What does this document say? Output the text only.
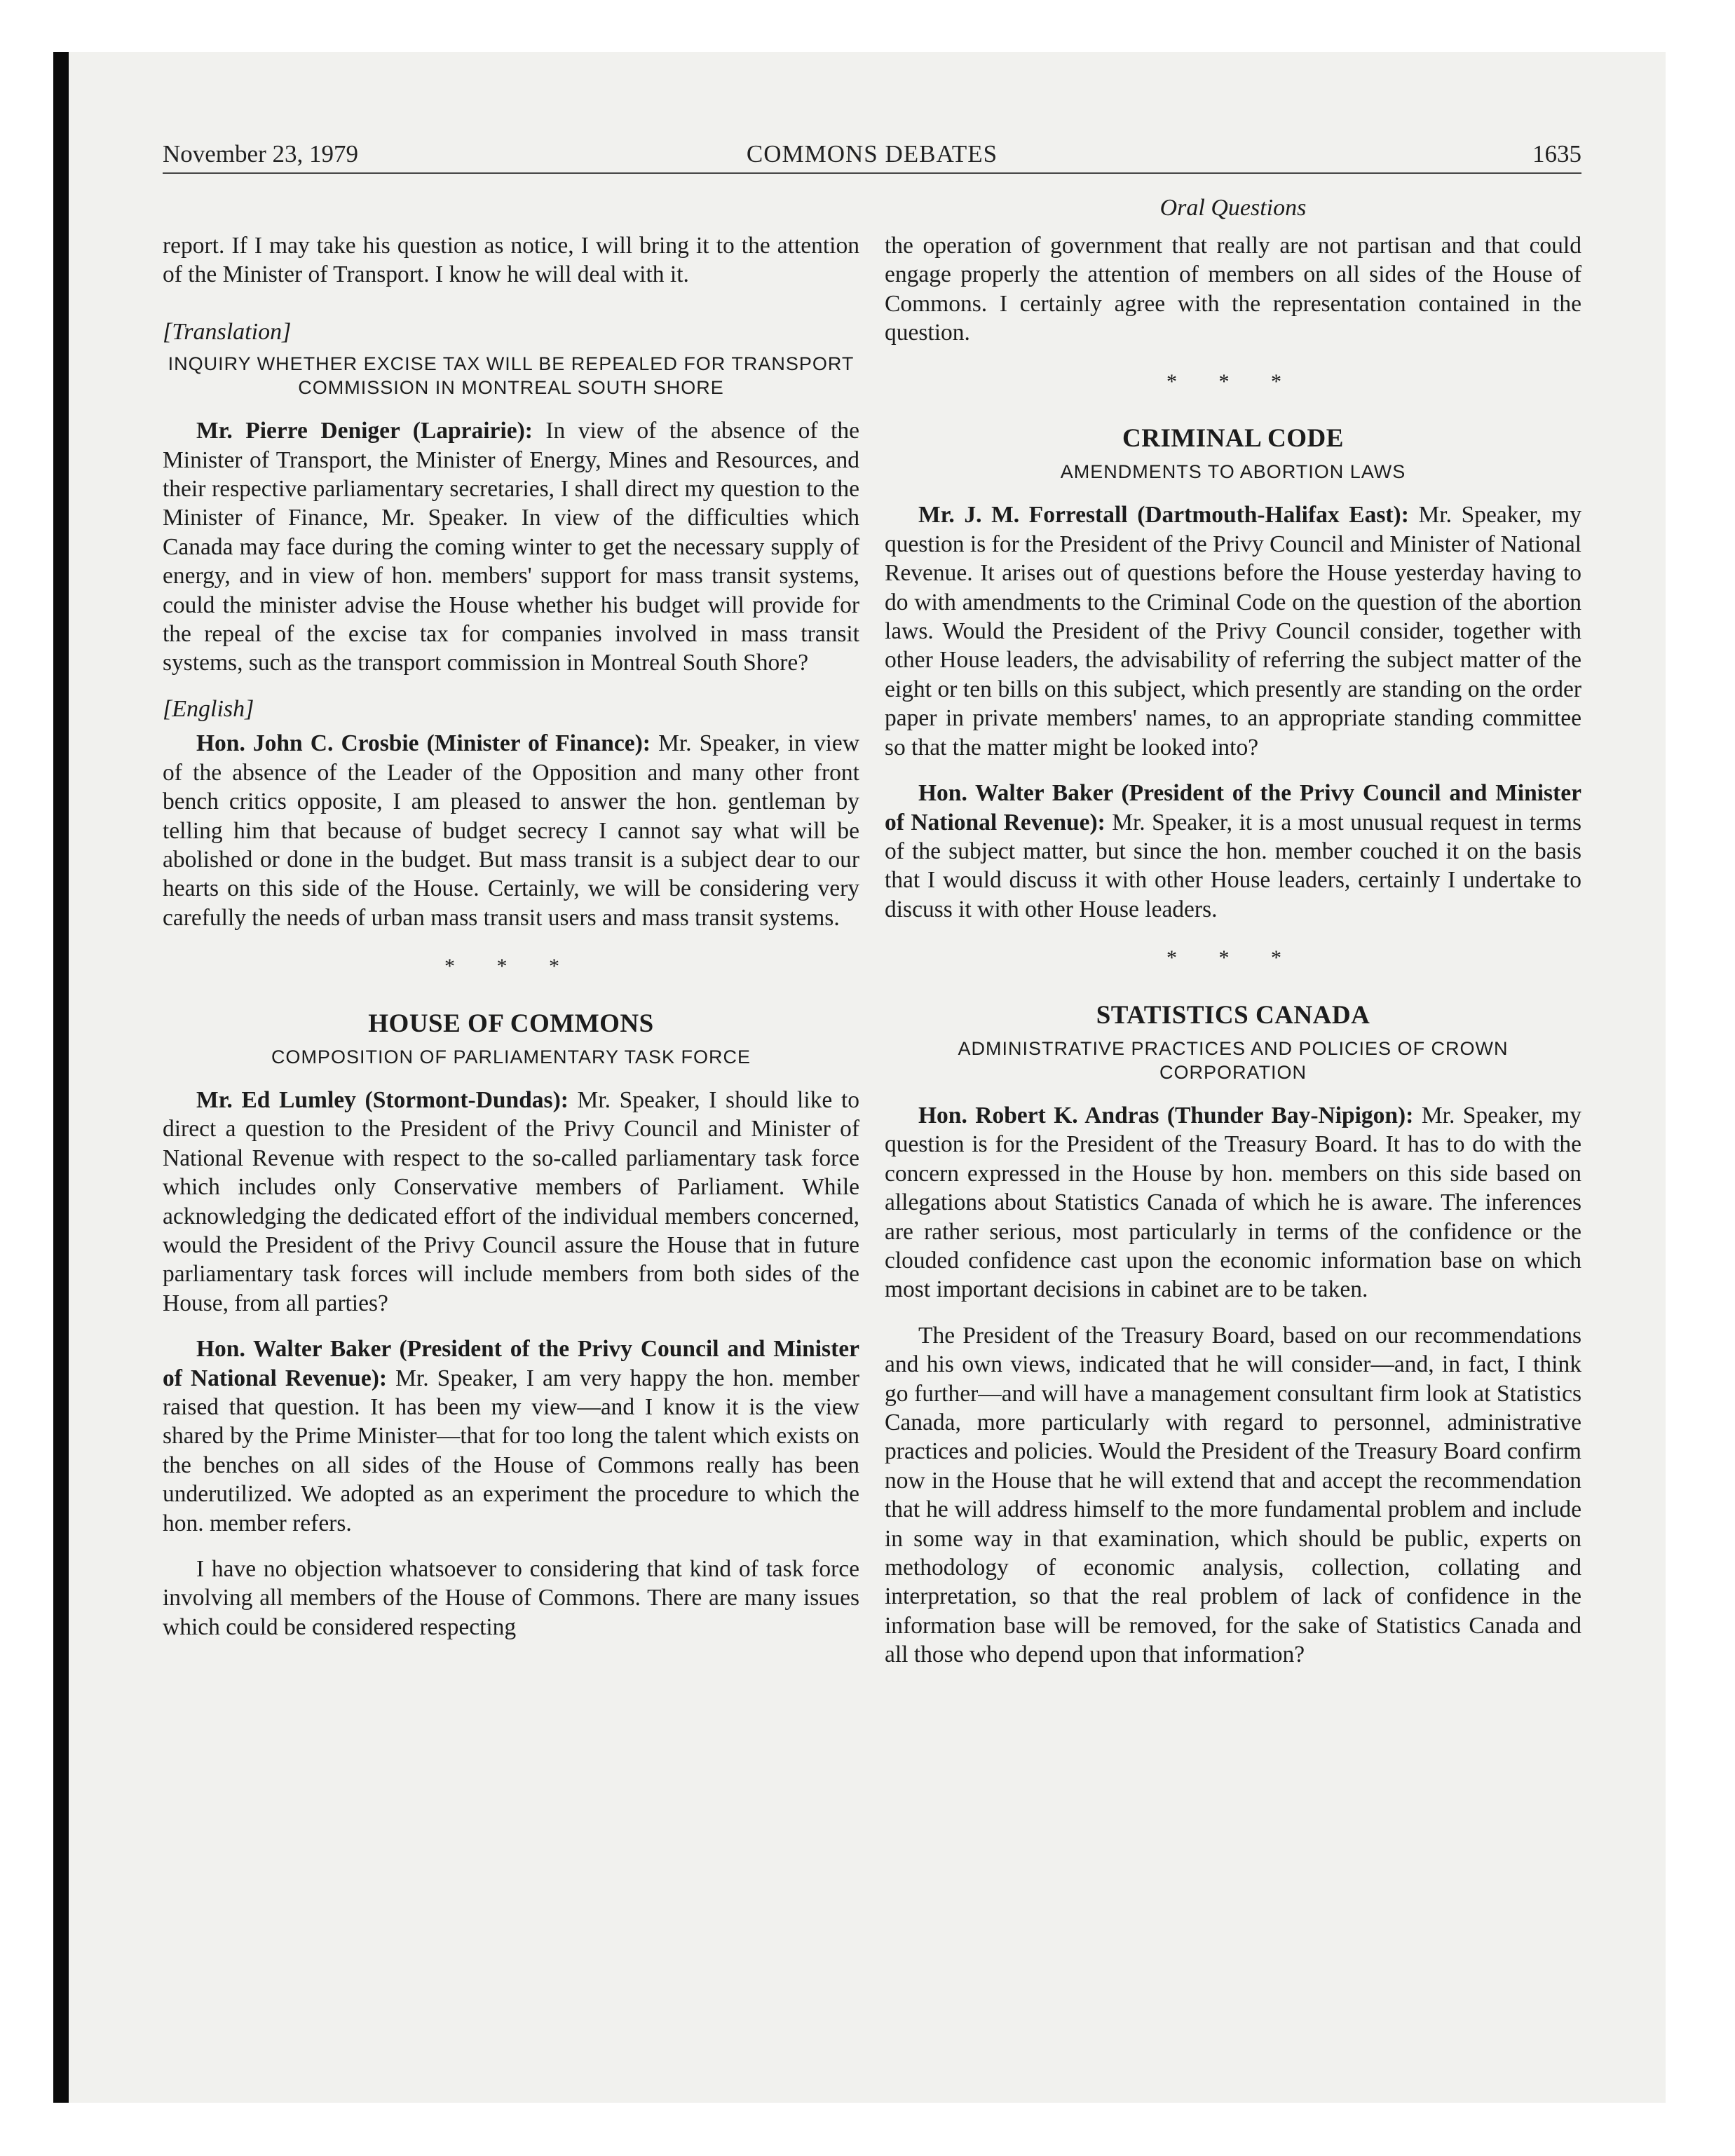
November 23, 1979	COMMONS DEBATES	1635
Oral Questions

report. If I may take his question as notice, I will bring it to the attention of the Minister of Transport. I know he will deal with it.

[Translation]
INQUIRY WHETHER EXCISE TAX WILL BE REPEALED FOR TRANSPORT COMMISSION IN MONTREAL SOUTH SHORE

Mr. Pierre Deniger (Laprairie): In view of the absence of the Minister of Transport, the Minister of Energy, Mines and Resources, and their respective parliamentary secretaries, I shall direct my question to the Minister of Finance, Mr. Speaker. In view of the difficulties which Canada may face during the coming winter to get the necessary supply of energy, and in view of hon. members' support for mass transit systems, could the minister advise the House whether his budget will provide for the repeal of the excise tax for companies involved in mass transit systems, such as the transport commission in Montreal South Shore?

[English]

Hon. John C. Crosbie (Minister of Finance): Mr. Speaker, in view of the absence of the Leader of the Opposition and many other front bench critics opposite, I am pleased to answer the hon. gentleman by telling him that because of budget secrecy I cannot say what will be abolished or done in the budget. But mass transit is a subject dear to our hearts on this side of the House. Certainly, we will be considering very carefully the needs of urban mass transit users and mass transit systems.

* * *
HOUSE OF COMMONS
COMPOSITION OF PARLIAMENTARY TASK FORCE

Mr. Ed Lumley (Stormont-Dundas): Mr. Speaker, I should like to direct a question to the President of the Privy Council and Minister of National Revenue with respect to the so-called parliamentary task force which includes only Conservative members of Parliament. While acknowledging the dedicated effort of the individual members concerned, would the President of the Privy Council assure the House that in future parliamentary task forces will include members from both sides of the House, from all parties?

Hon. Walter Baker (President of the Privy Council and Minister of National Revenue): Mr. Speaker, I am very happy the hon. member raised that question. It has been my view—and I know it is the view shared by the Prime Minister—that for too long the talent which exists on the benches on all sides of the House of Commons really has been underutilized. We adopted as an experiment the procedure to which the hon. member refers.

I have no objection whatsoever to considering that kind of task force involving all members of the House of Commons. There are many issues which could be considered respecting

the operation of government that really are not partisan and that could engage properly the attention of members on all sides of the House of Commons. I certainly agree with the representation contained in the question.

* * *
CRIMINAL CODE
AMENDMENTS TO ABORTION LAWS

Mr. J. M. Forrestall (Dartmouth-Halifax East): Mr. Speaker, my question is for the President of the Privy Council and Minister of National Revenue. It arises out of questions before the House yesterday having to do with amendments to the Criminal Code on the question of the abortion laws. Would the President of the Privy Council consider, together with other House leaders, the advisability of referring the subject matter of the eight or ten bills on this subject, which presently are standing on the order paper in private members' names, to an appropriate standing committee so that the matter might be looked into?

Hon. Walter Baker (President of the Privy Council and Minister of National Revenue): Mr. Speaker, it is a most unusual request in terms of the subject matter, but since the hon. member couched it on the basis that I would discuss it with other House leaders, certainly I undertake to discuss it with other House leaders.

* * *
STATISTICS CANADA
ADMINISTRATIVE PRACTICES AND POLICIES OF CROWN CORPORATION

Hon. Robert K. Andras (Thunder Bay-Nipigon): Mr. Speaker, my question is for the President of the Treasury Board. It has to do with the concern expressed in the House by hon. members on this side based on allegations about Statistics Canada of which he is aware. The inferences are rather serious, most particularly in terms of the confidence or the clouded confidence cast upon the economic information base on which most important decisions in cabinet are to be taken.

The President of the Treasury Board, based on our recommendations and his own views, indicated that he will consider—and, in fact, I think go further—and will have a management consultant firm look at Statistics Canada, more particularly with regard to personnel, administrative practices and policies. Would the President of the Treasury Board confirm now in the House that he will extend that and accept the recommendation that he will address himself to the more fundamental problem and include in some way in that examination, which should be public, experts on methodology of economic analysis, collection, collating and interpretation, so that the real problem of lack of confidence in the information base will be removed, for the sake of Statistics Canada and all those who depend upon that information?
